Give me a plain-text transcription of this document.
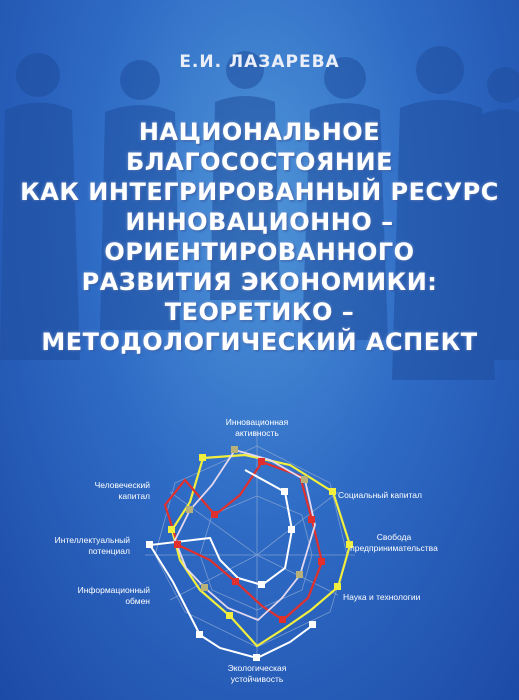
Е.И. ЛАЗАРЕВА
НАЦИОНАЛЬНОЕ
БЛАГОСОСТОЯНИЕ
КАК ИНТЕГРИРОВАННЫЙ РЕСУРС
ИННОВАЦИОННО –
ОРИЕНТИРОВАННОГО
РАЗВИТИЯ ЭКОНОМИКИ:
ТЕОРЕТИКО –
МЕТОДОЛОГИЧЕСКИЙ АСПЕКТ
Инновационная
активность
Социальный капитал
Свобода
предпринимательства
Наука и технологии
Экологическая
устойчивость
Информационный
обмен
Интеллектуальный
потенциал
Человеческий
капитал
